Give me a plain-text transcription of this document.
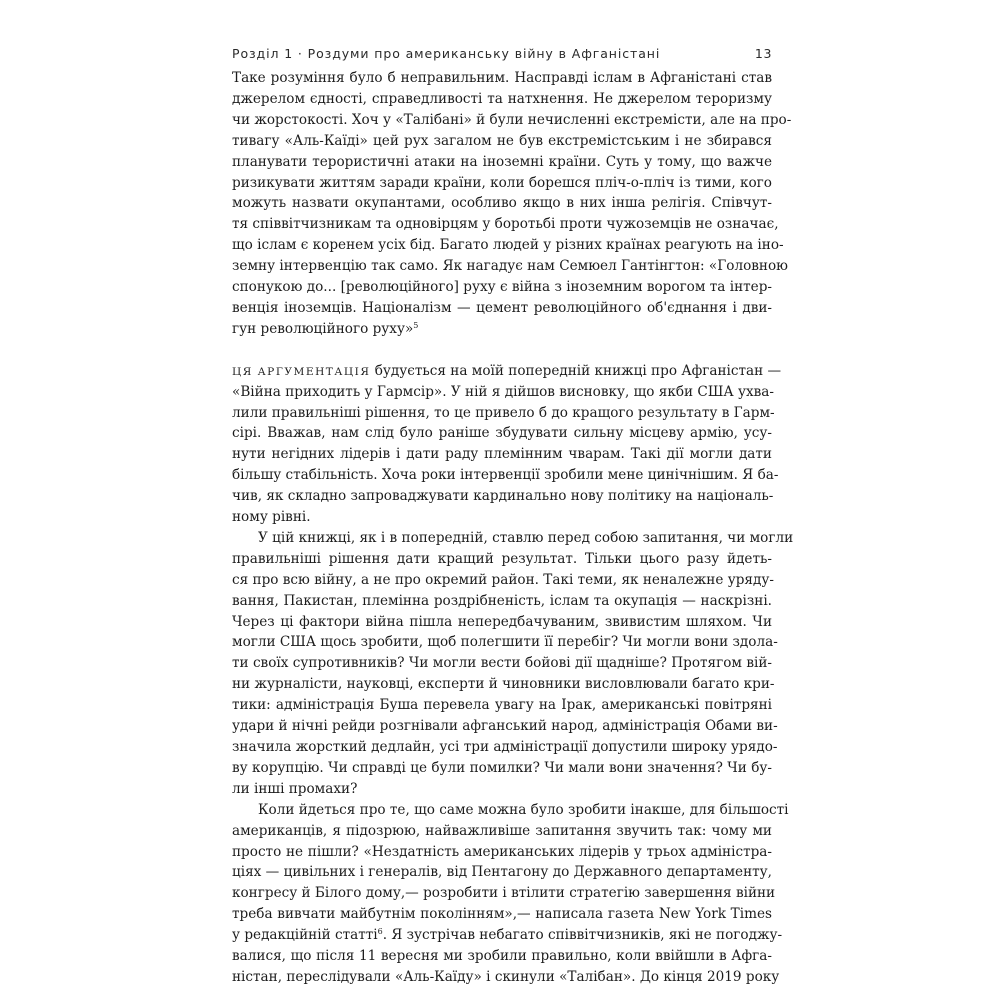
Розділ 1 · Роздуми про американську війну в Афганістані	13
Таке розуміння було б неправильним. Насправді іслам в Афганістані став
джерелом єдності, справедливості та натхнення. Не джерелом тероризму
чи жорстокості. Хоч у «Талібані» й були нечисленні екстремісти, але на про-
тивагу «Аль-Каїді» цей рух загалом не був екстремістським і не збирався
планувати терористичні атаки на іноземні країни. Суть у тому, що важче
ризикувати життям заради країни, коли борешся пліч-о-пліч із тими, кого
можуть назвати окупантами, особливо якщо в них інша релігія. Співчут-
тя співвітчизникам та одновірцям у боротьбі проти чужоземців не означає,
що іслам є коренем усіх бід. Багато людей у різних країнах реагують на іно-
земну інтервенцію так само. Як нагадує нам Семюел Гантінгтон: «Головною
спонукою до... [революційного] руху є війна з іноземним ворогом та інтер-
венція іноземців. Націоналізм — цемент революційного об'єднання і дви-
гун революційного руху»$^5$
ЦЯ АРГУМЕНТАЦІЯ будується на моїй попередній книжці про Афганістан —
«Війна приходить у Гармсір». У ній я дійшов висновку, що якби США ухва-
лили правильніші рішення, то це привело б до кращого результату в Гарм-
сірі. Вважав, нам слід було раніше збудувати сильну місцеву армію, усу-
нути негідних лідерів і дати раду племінним чварам. Такі дії могли дати
більшу стабільність. Хоча роки інтервенції зробили мене цинічнішим. Я ба-
чив, як складно запроваджувати кардинально нову політику на національ-
ному рівні.
У цій книжці, як і в попередній, ставлю перед собою запитання, чи могли
правильніші рішення дати кращий результат. Тільки цього разу йдеть-
ся про всю війну, а не про окремий район. Такі теми, як неналежне уряду-
вання, Пакистан, племінна роздрібненість, іслам та окупація — наскрізні.
Через ці фактори війна пішла непередбачуваним, звивистим шляхом. Чи
могли США щось зробити, щоб полегшити її перебіг? Чи могли вони здола-
ти своїх супротивників? Чи могли вести бойові дії щадніше? Протягом вій-
ни журналісти, науковці, експерти й чиновники висловлювали багато кри-
тики: адміністрація Буша перевела увагу на Ірак, американські повітряні
удари й нічні рейди розгнівали афганський народ, адміністрація Обами ви-
значила жорсткий дедлайн, усі три адміністрації допустили широку урядо-
ву корупцію. Чи справді це були помилки? Чи мали вони значення? Чи бу-
ли інші промахи?
Коли йдеться про те, що саме можна було зробити інакше, для більшості
американців, я підозрюю, найважливіше запитання звучить так: чому ми
просто не пішли? «Нездатність американських лідерів у трьох адміністра-
ціях — цивільних і генералів, від Пентагону до Державного департаменту,
конгресу й Білого дому,— розробити і втілити стратегію завершення війни
треба вивчати майбутнім поколінням»,— написала газета New York Times
у редакційній статті$^6$. Я зустрічав небагато співвітчизників, які не погоджу-
валися, що після 11 вересня ми зробили правильно, коли ввійшли в Афга-
ністан, переслідували «Аль-Каїду» і скинули «Талібан». До кінця 2019 року
